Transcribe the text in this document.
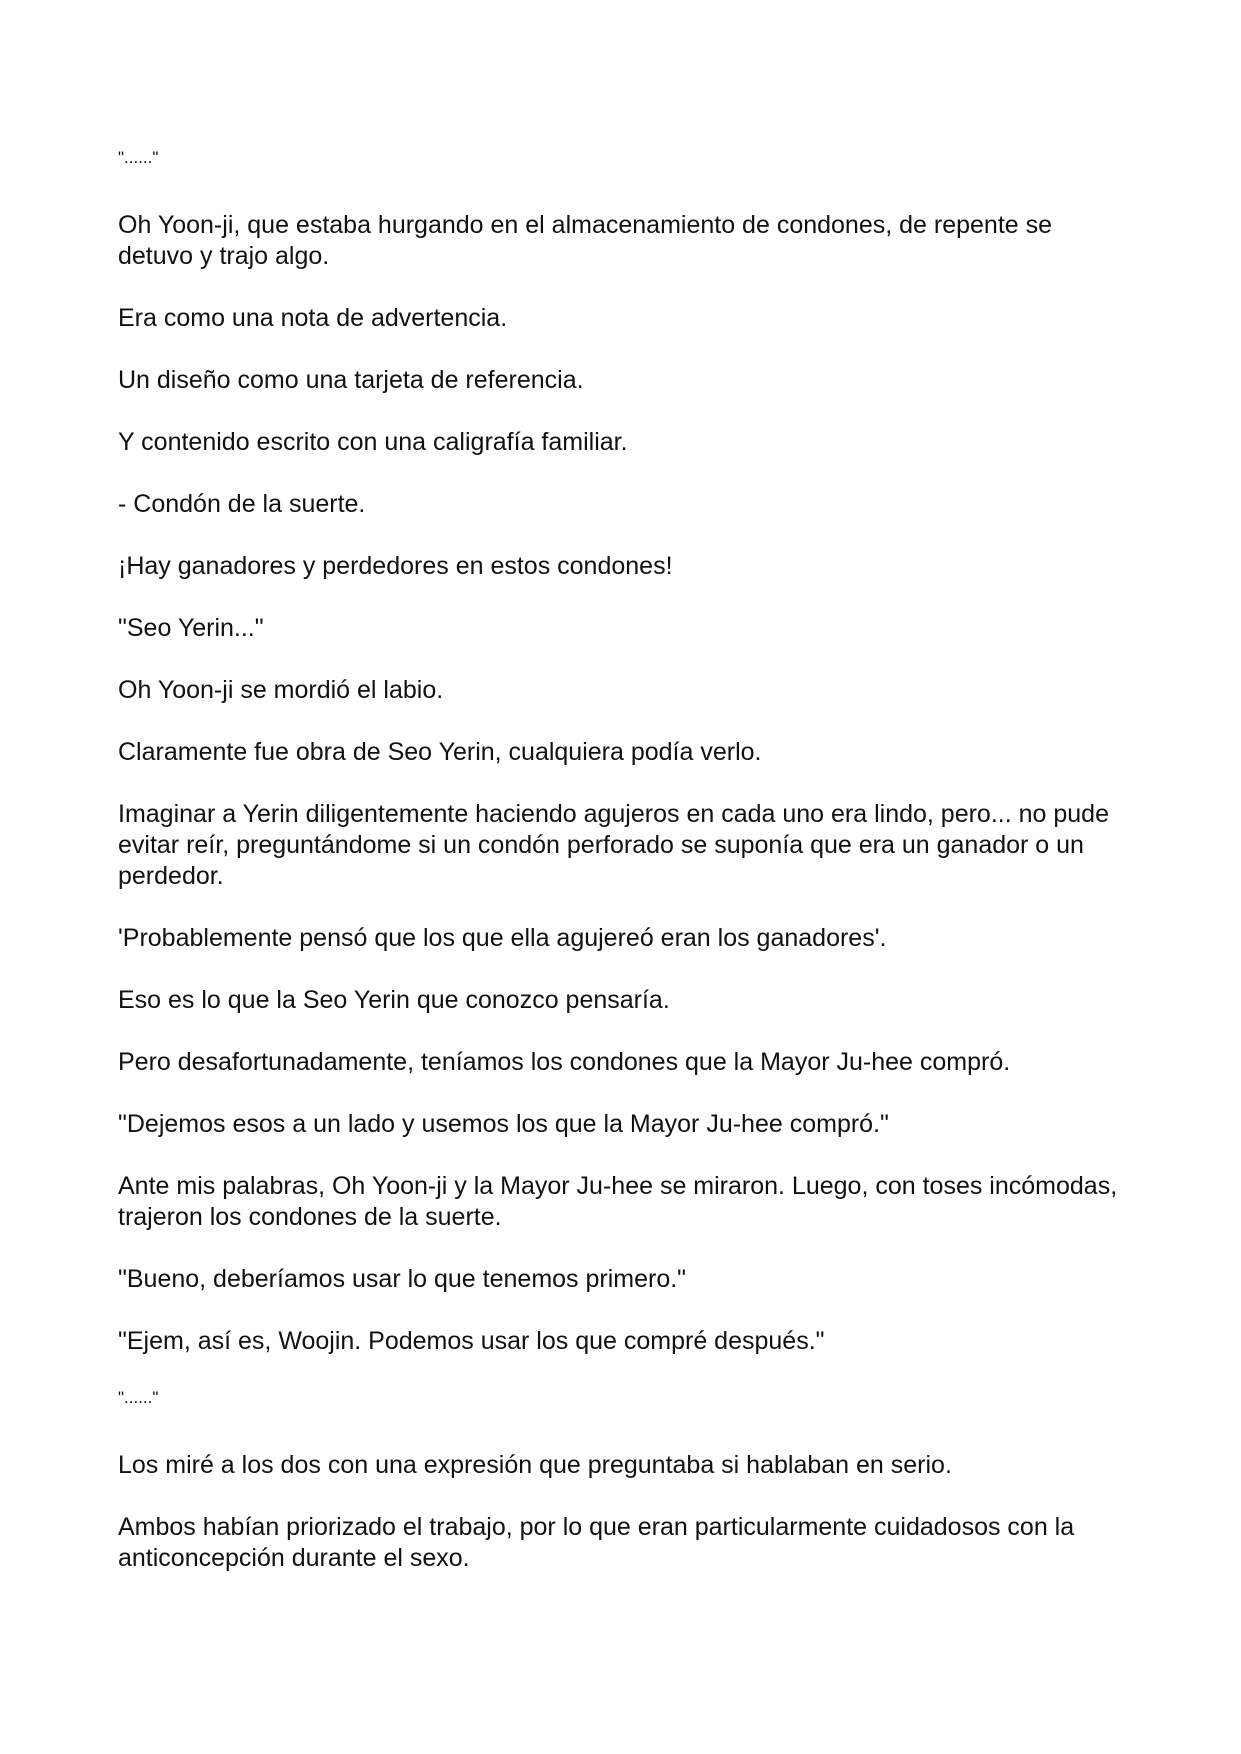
"......"

Oh Yoon-ji, que estaba hurgando en el almacenamiento de condones, de repente se detuvo y trajo algo.

Era como una nota de advertencia.

Un diseño como una tarjeta de referencia.

Y contenido escrito con una caligrafía familiar.

- Condón de la suerte.

¡Hay ganadores y perdedores en estos condones!

"Seo Yerin..."

Oh Yoon-ji se mordió el labio.

Claramente fue obra de Seo Yerin, cualquiera podía verlo.

Imaginar a Yerin diligentemente haciendo agujeros en cada uno era lindo, pero... no pude evitar reír, preguntándome si un condón perforado se suponía que era un ganador o un perdedor.

'Probablemente pensó que los que ella agujereó eran los ganadores'.

Eso es lo que la Seo Yerin que conozco pensaría.

Pero desafortunadamente, teníamos los condones que la Mayor Ju-hee compró.

"Dejemos esos a un lado y usemos los que la Mayor Ju-hee compró."

Ante mis palabras, Oh Yoon-ji y la Mayor Ju-hee se miraron. Luego, con toses incómodas, trajeron los condones de la suerte.

"Bueno, deberíamos usar lo que tenemos primero."

"Ejem, así es, Woojin. Podemos usar los que compré después."

"......"

Los miré a los dos con una expresión que preguntaba si hablaban en serio.

Ambos habían priorizado el trabajo, por lo que eran particularmente cuidadosos con la anticoncepción durante el sexo.
